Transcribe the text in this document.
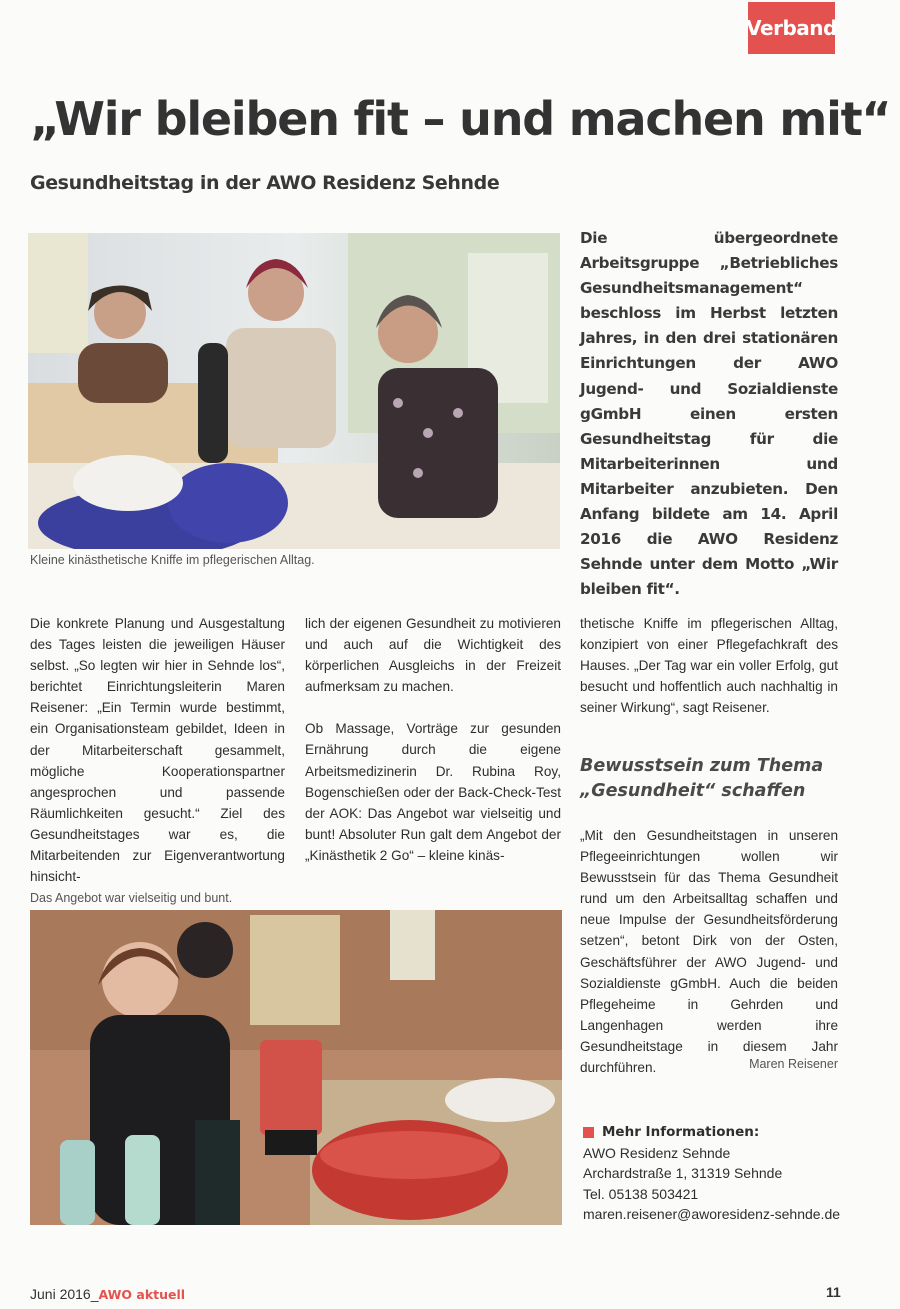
Verband
„Wir bleiben fit – und machen mit“
Gesundheitstag in der AWO Residenz Sehnde
Kleine kinästhetische Kniffe im pflegerischen Alltag.
Die übergeordnete Arbeitsgruppe „Betriebliches Gesundheitsmanagement“ beschloss im Herbst letzten Jahres, in den drei stationären Einrichtungen der AWO Jugend- und Sozialdienste gGmbH einen ersten Gesundheitstag für die Mitarbeiterinnen und Mitarbeiter anzubieten. Den Anfang bildete am 14. April 2016 die AWO Residenz Sehnde unter dem Motto „Wir bleiben fit“.

Die konkrete Planung und Ausgestaltung des Tages leisten die jeweiligen Häuser selbst. „So legten wir hier in Sehnde los“, berichtet Einrichtungsleiterin Maren Reisener: „Ein Termin wurde bestimmt, ein Organisationsteam gebildet, Ideen in der Mitarbeiterschaft gesammelt, mögliche Kooperationspartner angesprochen und passende Räumlichkeiten gesucht.“ Ziel des Gesundheitstages war es, die Mitarbeitenden zur Eigenverantwortung hinsicht-

lich der eigenen Gesundheit zu motivieren und auch auf die Wichtigkeit des körperlichen Ausgleichs in der Freizeit aufmerksam zu machen.

Ob Massage, Vorträge zur gesunden Ernährung durch die eigene Arbeitsmedizinerin Dr. Rubina Roy, Bogenschießen oder der Back-Check-Test der AOK: Das Angebot war vielseitig und bunt! Absoluter Run galt dem Angebot der „Kinästhetik 2 Go“ – kleine kinäs-

thetische Kniffe im pflegerischen Alltag, konzipiert von einer Pflegefachkraft des Hauses. „Der Tag war ein voller Erfolg, gut besucht und hoffentlich auch nachhaltig in seiner Wirkung“, sagt Reisener.

Bewusstsein zum Thema „Gesundheit“ schaffen

„Mit den Gesundheitstagen in unseren Pflegeeinrichtungen wollen wir Bewusstsein für das Thema Gesundheit rund um den Arbeitsalltag schaffen und neue Impulse der Gesundheitsförderung setzen“, betont Dirk von der Osten, Geschäftsführer der AWO Jugend- und Sozialdienste gGmbH. Auch die beiden Pflegeheime in Gehrden und Langenhagen werden ihre Gesundheitstage in diesem Jahr durchführen.	Maren Reisener
Das Angebot war vielseitig und bunt.
Mehr Informationen:
AWO Residenz Sehnde
Archardstraße 1, 31319 Sehnde
Tel. 05138 503421
maren.reisener@aworesidenz-sehnde.de
Juni 2016_AWO aktuell	11
